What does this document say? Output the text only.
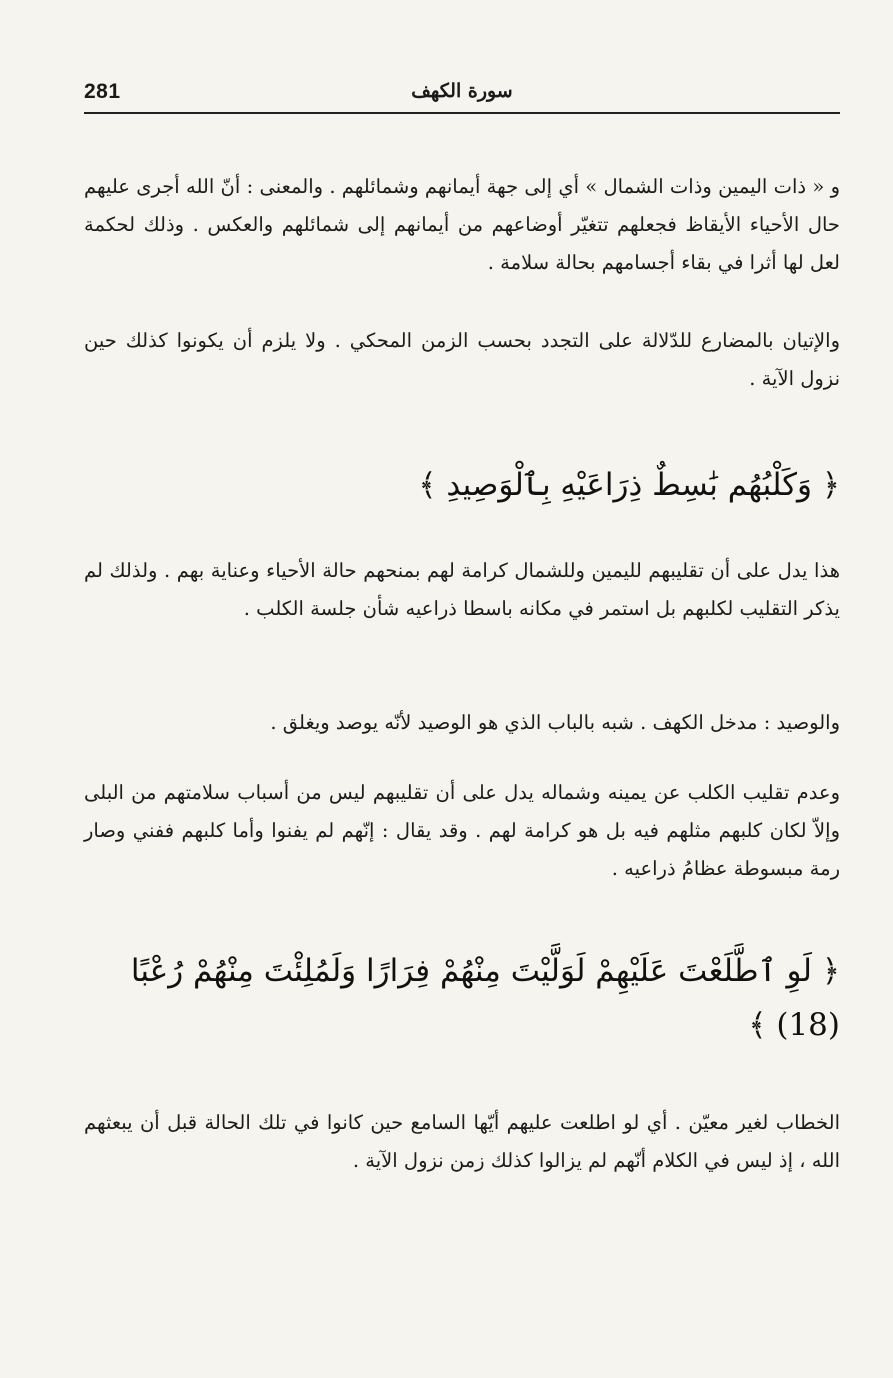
281	سورة الكهف

و « ذات اليمين وذات الشمال » أي إلى جهة أيمانهم وشمائلهم . والمعنى : أنّ الله أجرى عليهم حال الأحياء الأيقاظ فجعلهم تتغيّر أوضاعهم من أيمانهم إلى شمائلهم والعكس . وذلك لحكمة لعل لها أثرا في بقاء أجسامهم بحالة سلامة .

والإتيان بالمضارع للدّلالة على التجدد بحسب الزمن المحكي . ولا يلزم أن يكونوا كذلك حين نزول الآية .

﴿ وَكَلْبُهُم بَٰسِطٌ ذِرَاعَيْهِ بِٱلْوَصِيدِ ﴾

هذا يدل على أن تقليبهم لليمين وللشمال كرامة لهم بمنحهم حالة الأحياء وعناية بهم . ولذلك لم يذكر التقليب لكلبهم بل استمر في مكانه باسطا ذراعيه شأن جلسة الكلب .

والوصيد : مدخل الكهف . شبه بالباب الذي هو الوصيد لأنّه يوصد ويغلق .

وعدم تقليب الكلب عن يمينه وشماله يدل على أن تقليبهم ليس من أسباب سلامتهم من البلى وإلاّ لكان كلبهم مثلهم فيه بل هو كرامة لهم . وقد يقال : إنّهم لم يفنوا وأما كلبهم ففني وصار رمة مبسوطة عظامُ ذراعيه .

﴿ لَوِ ٱطَّلَعْتَ عَلَيْهِمْ لَوَلَّيْتَ مِنْهُمْ فِرَارًا وَلَمُلِئْتَ مِنْهُمْ رُعْبًا (18) ﴾

الخطاب لغير معيّن . أي لو اطلعت عليهم أيّها السامع حين كانوا في تلك الحالة قبل أن يبعثهم الله ، إذ ليس في الكلام أنّهم لم يزالوا كذلك زمن نزول الآية .
